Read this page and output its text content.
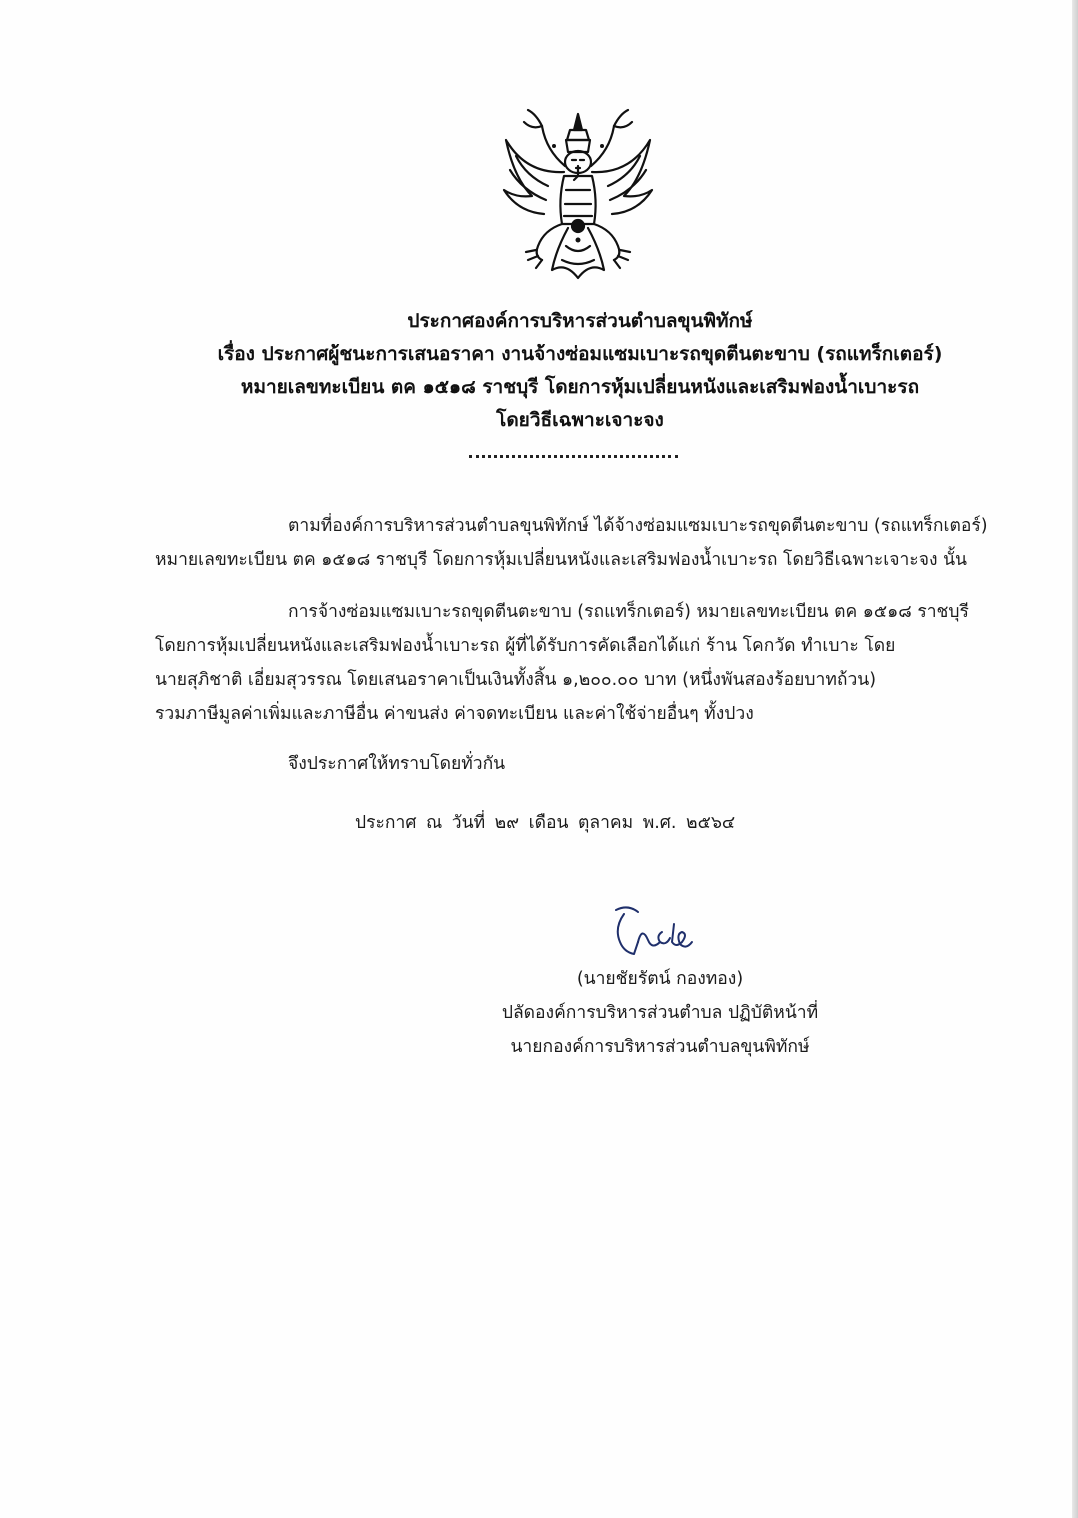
ประกาศองค์การบริหารส่วนตำบลขุนพิทักษ์
เรื่อง ประกาศผู้ชนะการเสนอราคา งานจ้างซ่อมแซมเบาะรถขุดตีนตะขาบ (รถแทร็กเตอร์)
หมายเลขทะเบียน ตค ๑๕๑๘ ราชบุรี โดยการหุ้มเปลี่ยนหนังและเสริมฟองน้ำเบาะรถ
โดยวิธีเฉพาะเจาะจง
ตามที่องค์การบริหารส่วนตำบลขุนพิทักษ์ ได้จ้างซ่อมแซมเบาะรถขุดตีนตะขาบ (รถแทร็กเตอร์)
หมายเลขทะเบียน ตค ๑๕๑๘ ราชบุรี โดยการหุ้มเปลี่ยนหนังและเสริมฟองน้ำเบาะรถ โดยวิธีเฉพาะเจาะจง นั้น
การจ้างซ่อมแซมเบาะรถขุดตีนตะขาบ (รถแทร็กเตอร์) หมายเลขทะเบียน ตค ๑๕๑๘ ราชบุรี
โดยการหุ้มเปลี่ยนหนังและเสริมฟองน้ำเบาะรถ ผู้ที่ได้รับการคัดเลือกได้แก่ ร้าน โคกวัด ทำเบาะ โดย
นายสุภิชาติ เอี่ยมสุวรรณ โดยเสนอราคาเป็นเงินทั้งสิ้น ๑,๒๐๐.๐๐ บาท (หนึ่งพันสองร้อยบาทถ้วน)
รวมภาษีมูลค่าเพิ่มและภาษีอื่น ค่าขนส่ง ค่าจดทะเบียน และค่าใช้จ่ายอื่นๆ ทั้งปวง
จึงประกาศให้ทราบโดยทั่วกัน
ประกาศ ณ วันที่ ๒๙ เดือน ตุลาคม พ.ศ. ๒๕๖๔
(นายชัยรัตน์ กองทอง)
ปลัดองค์การบริหารส่วนตำบล ปฏิบัติหน้าที่
นายกองค์การบริหารส่วนตำบลขุนพิทักษ์
